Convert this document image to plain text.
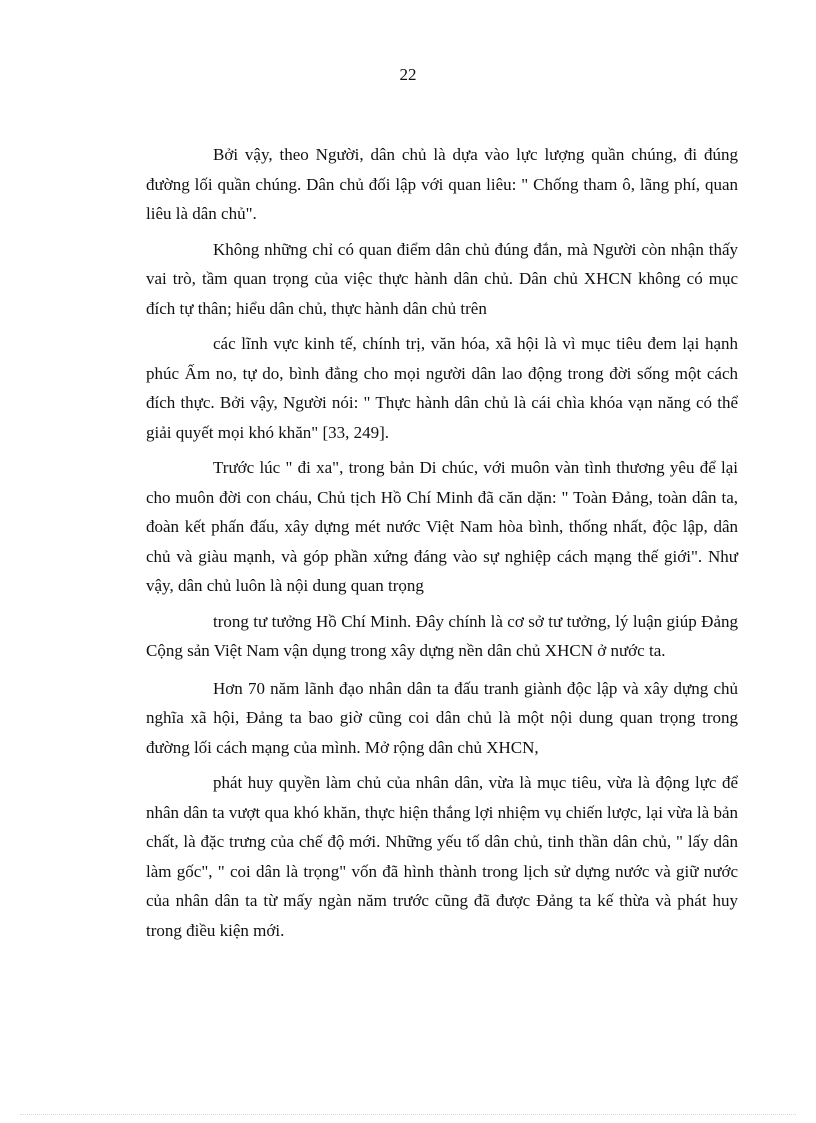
22

Bởi vậy, theo Người, dân chủ là dựa vào lực lượng quần chúng, đi đúng đường lối quần chúng. Dân chủ đối lập với quan liêu: " Chống tham ô, lãng phí, quan liêu là dân chủ".

Không những chỉ có quan điểm dân chủ đúng đắn, mà Người còn nhận thấy vai trò, tầm quan trọng của việc thực hành dân chủ. Dân chủ XHCN không có mục đích tự thân; hiểu dân chủ, thực hành dân chủ trên

các lĩnh vực kinh tế, chính trị, văn hóa, xã hội là vì mục tiêu đem lại hạnh phúc Ấm no, tự do, bình đẳng cho mọi người dân lao động trong đời sống một cách đích thực. Bởi vậy, Người nói: " Thực hành dân chủ là cái chìa khóa vạn năng có thể giải quyết mọi khó khăn" [33, 249].

Trước lúc " đi xa", trong bản Di chúc, với muôn vàn tình thương yêu để lại cho muôn đời con cháu, Chủ tịch Hồ Chí Minh đã căn dặn: " Toàn Đảng, toàn dân ta, đoàn kết phấn đấu, xây dựng mét nước Việt Nam hòa bình, thống nhất, độc lập, dân chủ và giàu mạnh, và góp phần xứng đáng vào sự nghiệp cách mạng thế giới". Như vậy, dân chủ luôn là nội dung quan trọng

trong tư tưởng Hồ Chí Minh. Đây chính là cơ sở tư tưởng, lý luận giúp Đảng Cộng sản Việt Nam vận dụng trong xây dựng nền dân chủ XHCN ở nước ta.

Hơn 70 năm lãnh đạo nhân dân ta đấu tranh giành độc lập và xây dựng chủ nghĩa xã hội, Đảng ta bao giờ cũng coi dân chủ là một nội dung quan trọng trong đường lối cách mạng của mình. Mở rộng dân chủ XHCN,

phát huy quyền làm chủ của nhân dân, vừa là mục tiêu, vừa là động lực để nhân dân ta vượt qua khó khăn, thực hiện thắng lợi nhiệm vụ chiến lược, lại vừa là bản chất, là đặc trưng của chế độ mới. Những yếu tố dân chủ, tinh thần dân chủ, " lấy dân làm gốc", " coi dân là trọng" vốn đã hình thành trong lịch sử dựng nước và giữ nước của nhân dân ta từ mấy ngàn năm trước cũng đã được Đảng ta kế thừa và phát huy trong điều kiện mới.
